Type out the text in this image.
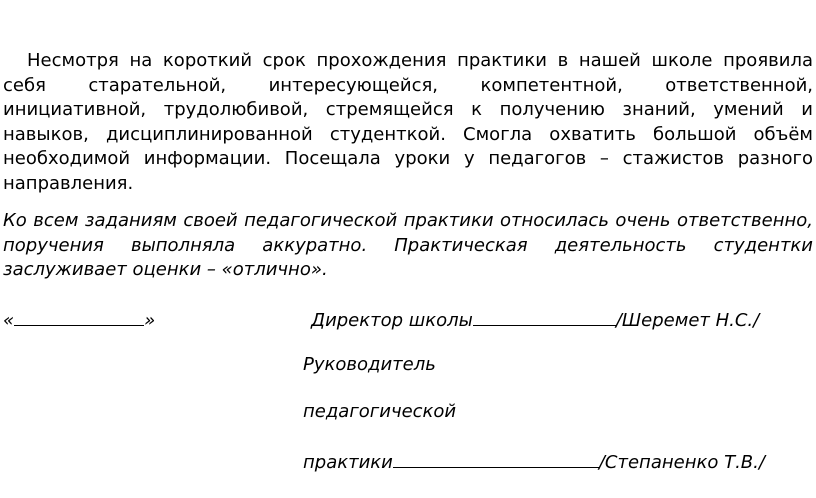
Несмотря на короткий срок прохождения практики в нашей школе проявила себя старательной, интересующейся, компетентной, ответственной, инициативной, трудолюбивой, стремящейся к получению знаний, умений и навыков, дисциплинированной студенткой. Смогла охватить большой объём необходимой информации. Посещала уроки у педагогов – стажистов разного направления.

Ко всем заданиям своей педагогической практики относилась очень ответственно, поручения выполняла аккуратно. Практическая деятельность студентки заслуживает оценки – «отлично».

«	»	Директор школы	/Шеремет Н.С./
Руководитель
педагогической
практики	/Степаненко Т.В./
